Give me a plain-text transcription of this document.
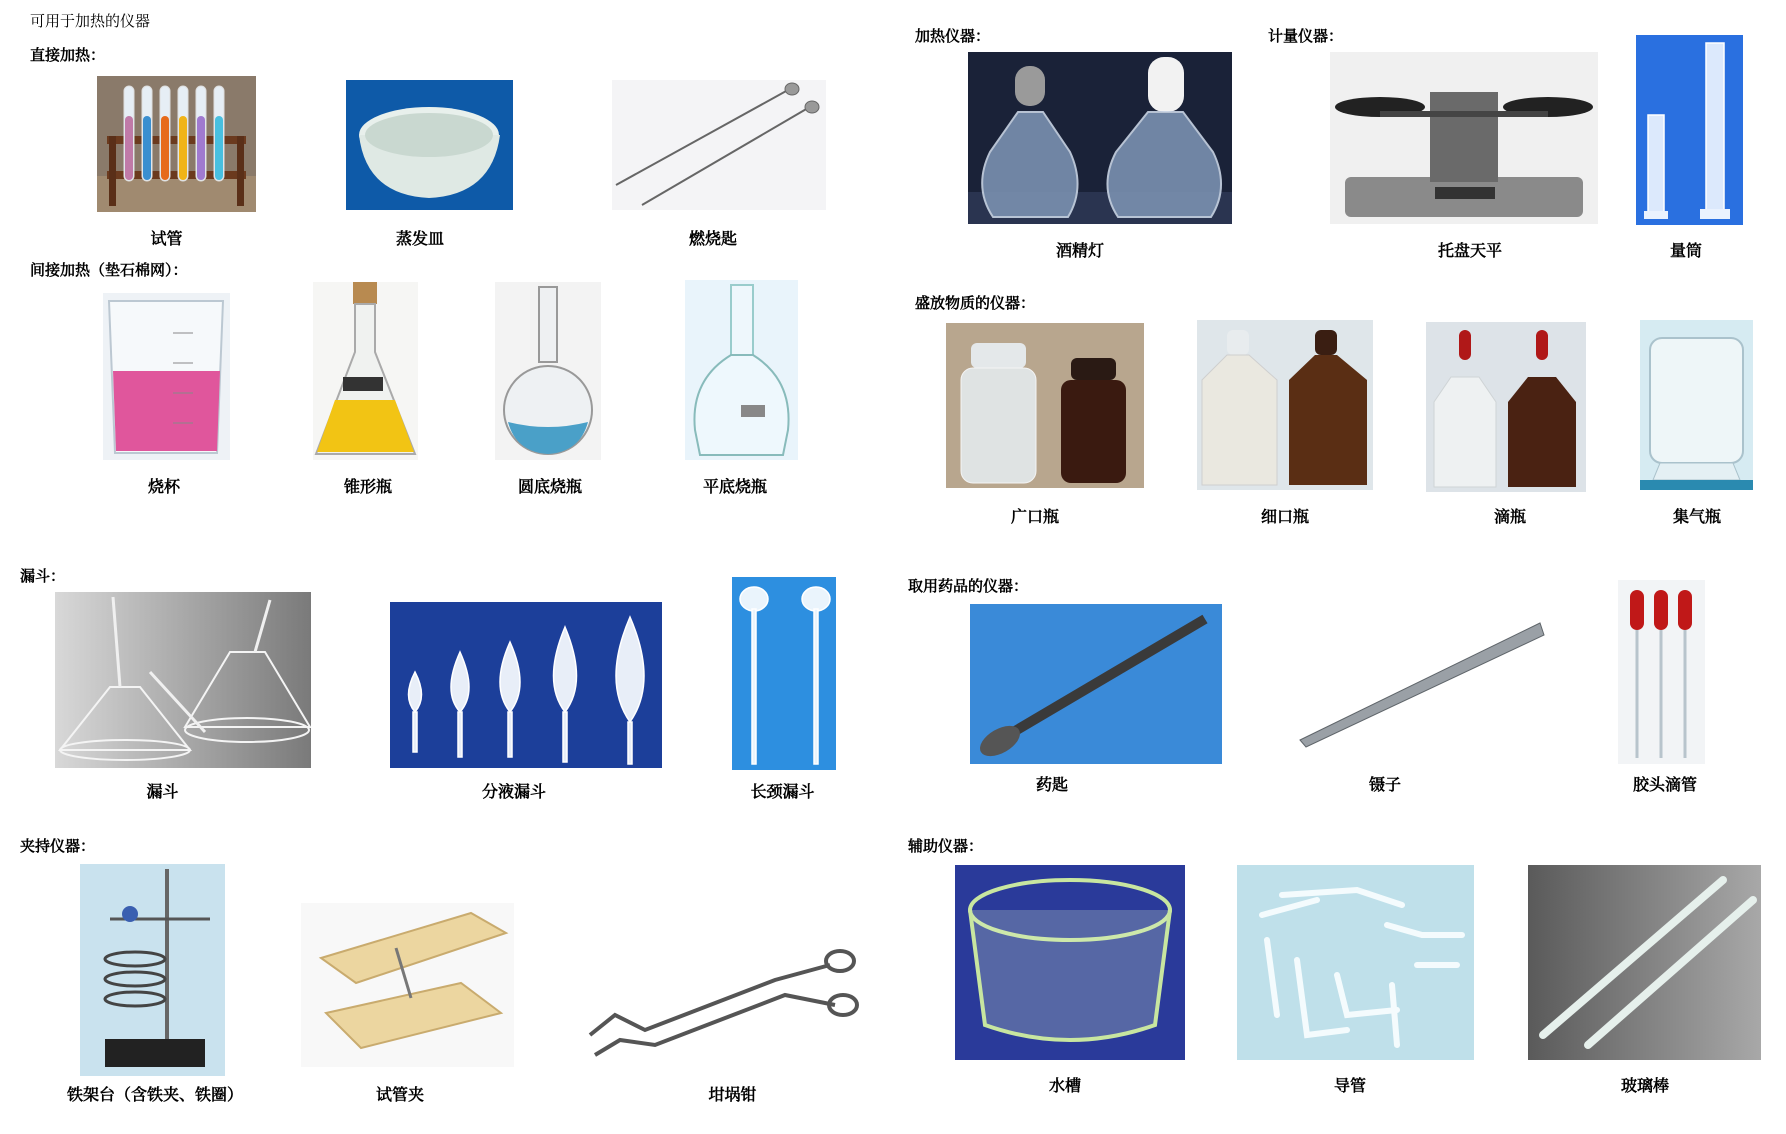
可用于加热的仪器
直接加热：
试管	蒸发皿	燃烧匙
间接加热（垫石棉网）：
烧杯	锥形瓶	圆底烧瓶	平底烧瓶
漏斗：
漏斗	分液漏斗	长颈漏斗
夹持仪器：
铁架台（含铁夹、铁圈）	试管夹	坩埚钳
加热仪器：	计量仪器：
酒精灯	托盘天平	量筒
盛放物质的仪器：
广口瓶	细口瓶	滴瓶	集气瓶
取用药品的仪器：
药匙	镊子	胶头滴管
辅助仪器：
水槽	导管	玻璃棒
